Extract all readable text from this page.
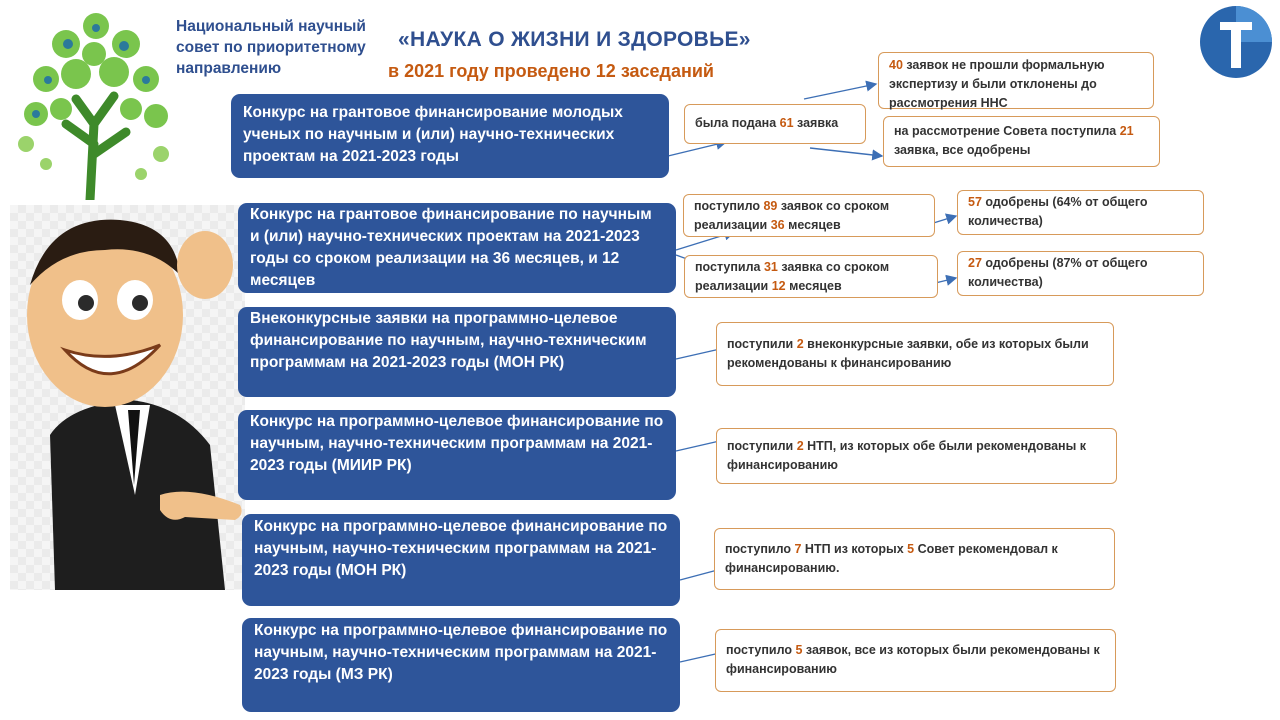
Национальный научный
совет по приоритетному
направлению
«НАУКА О ЖИЗНИ И ЗДОРОВЬЕ»
в 2021 году проведено 12 заседаний
Конкурс на грантовое финансирование молодых ученых по научным и (или) научно-технических проектам на 2021-2023 годы
Конкурс на грантовое финансирование по научным и (или) научно-технических проектам на 2021-2023 годы со сроком реализации на 36 месяцев, и 12 месяцев
Внеконкурсные заявки на программно-целевое финансирование по научным, научно-техническим программам на 2021-2023 годы (МОН РК)
Конкурс на программно-целевое финансирование по научным, научно-техническим программам на 2021-2023 годы (МИИР РК)
Конкурс на программно-целевое финансирование по научным, научно-техническим программам на 2021-2023 годы (МОН РК)
Конкурс на программно-целевое финансирование по научным, научно-техническим программам на 2021-2023 годы (МЗ РК)
была подана 61 заявка
40 заявок не прошли формальную экспертизу и были отклонены до рассмотрения ННС
на рассмотрение Совета поступила 21 заявка, все одобрены
поступило 89 заявок со сроком реализации 36 месяцев
поступила 31 заявка со сроком реализации 12 месяцев
57 одобрены (64% от общего количества)
27 одобрены (87% от общего количества)
поступили 2 внеконкурсные заявки, обе из которых были рекомендованы к финансированию
поступили 2 НТП, из которых обе были рекомендованы к финансированию
поступило 7 НТП из которых 5 Совет рекомендовал к финансированию.
поступило 5 заявок, все из которых были рекомендованы к финансированию
